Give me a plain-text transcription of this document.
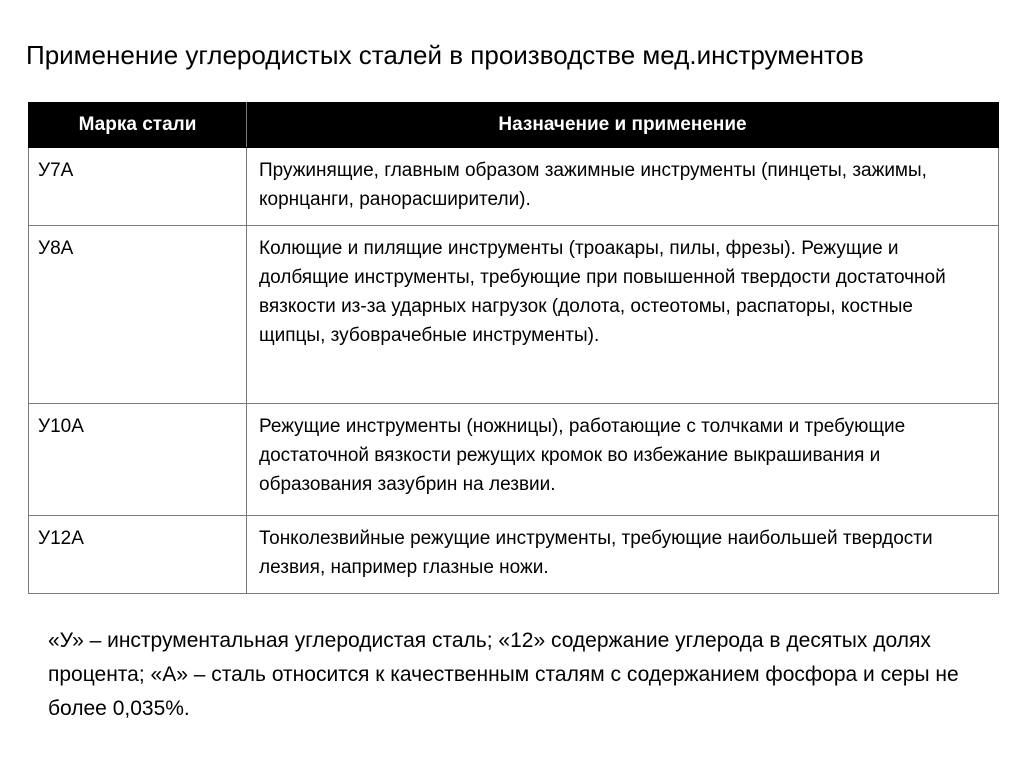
Применение углеродистых сталей в производстве мед.инструментов
Марка стали	Назначение и применение
У7А	Пружинящие, главным образом зажимные инструменты (пинцеты, зажимы, корнцанги, ранорасширители).
У8А	Колющие и пилящие инструменты (троакары, пилы, фрезы). Режущие и долбящие инструменты, требующие при повышенной твердости достаточной вязкости из-за ударных нагрузок (долота, остеотомы, распаторы, костные щипцы, зубоврачебные инструменты).
У10А	Режущие инструменты (ножницы), работающие с толчками и требующие достаточной вязкости режущих кромок во избежание выкрашивания и образования зазубрин на лезвии.
У12А	Тонколезвийные режущие инструменты, требующие наибольшей твердости лезвия, например глазные ножи.
«У» – инструментальная углеродистая сталь; «12» содержание углерода в десятых долях процента; «А» – сталь относится к качественным сталям с содержанием фосфора и серы не более 0,035%.
